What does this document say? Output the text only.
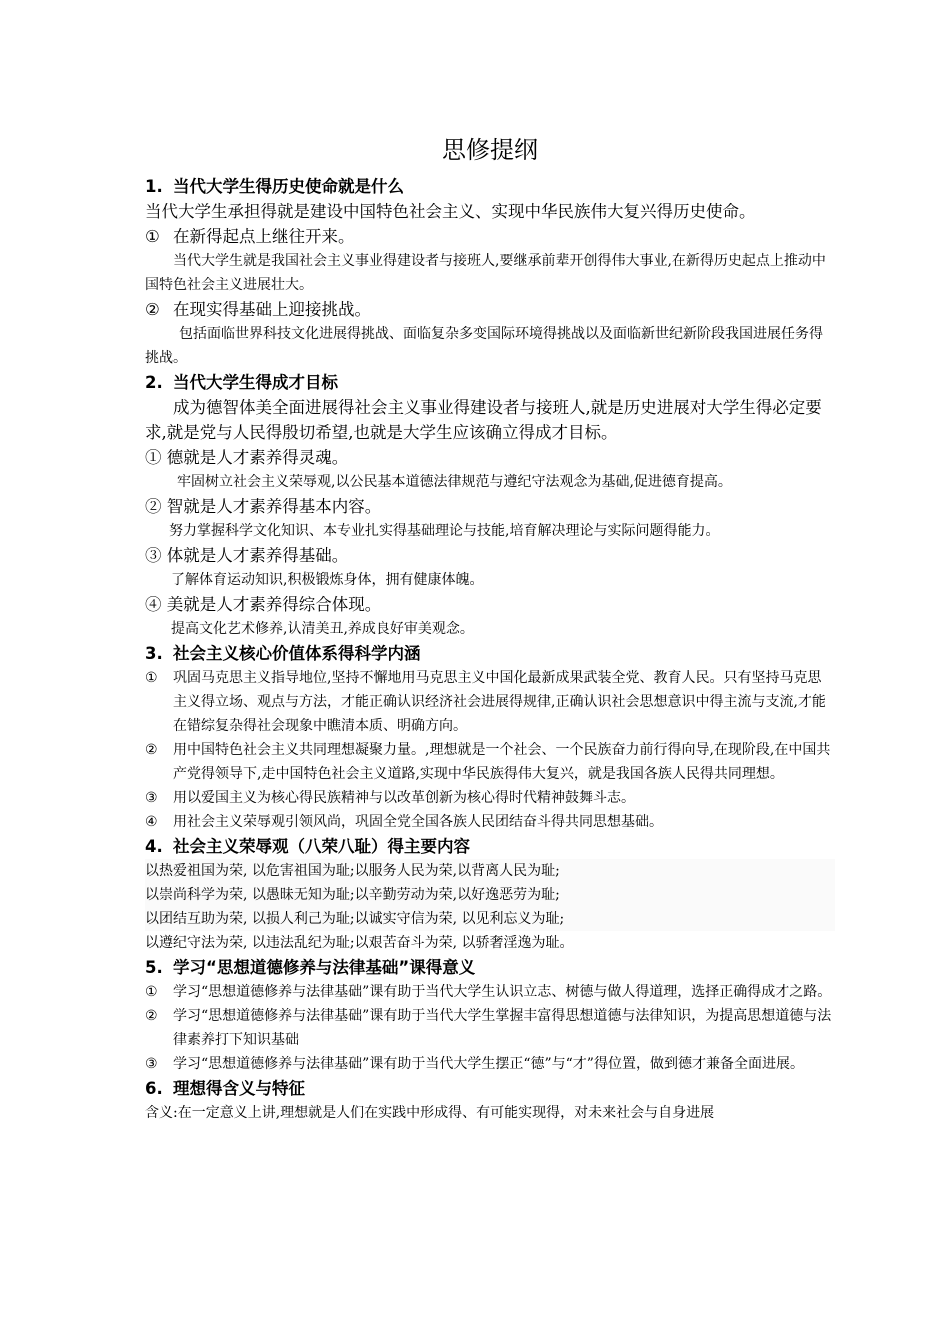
思修提纲
1. 当代大学生得历史使命就是什么
当代大学生承担得就是建设中国特色社会主义、实现中华民族伟大复兴得历史使命。
① 在新得起点上继往开来。
当代大学生就是我国社会主义事业得建设者与接班人,要继承前辈开创得伟大事业,在新得历史起点上推动中国特色社会主义进展壮大。
② 在现实得基础上迎接挑战。
包括面临世界科技文化进展得挑战、面临复杂多变国际环境得挑战以及面临新世纪新阶段我国进展任务得挑战。
2. 当代大学生得成才目标
成为德智体美全面进展得社会主义事业得建设者与接班人,就是历史进展对大学生得必定要求,就是党与人民得殷切希望,也就是大学生应该确立得成才目标。
① 德就是人才素养得灵魂。
牢固树立社会主义荣辱观,以公民基本道德法律规范与遵纪守法观念为基础,促进德育提高。
② 智就是人才素养得基本内容。
努力掌握科学文化知识、本专业扎实得基础理论与技能,培育解决理论与实际问题得能力。
③ 体就是人才素养得基础。
了解体育运动知识,积极锻炼身体，拥有健康体魄。
④ 美就是人才素养得综合体现。
提高文化艺术修养,认清美丑,养成良好审美观念。
3. 社会主义核心价值体系得科学内涵
①	巩固马克思主义指导地位,坚持不懈地用马克思主义中国化最新成果武装全党、教育人民。只有坚持马克思主义得立场、观点与方法，才能正确认识经济社会进展得规律,正确认识社会思想意识中得主流与支流,才能在错综复杂得社会现象中瞧清本质、明确方向。
②	用中国特色社会主义共同理想凝聚力量。,理想就是一个社会、一个民族奋力前行得向导,在现阶段,在中国共产党得领导下,走中国特色社会主义道路,实现中华民族得伟大复兴，就是我国各族人民得共同理想。
③	用以爱国主义为核心得民族精神与以改革创新为核心得时代精神鼓舞斗志。
④	用社会主义荣辱观引领风尚，巩固全党全国各族人民团结奋斗得共同思想基础。
4. 社会主义荣辱观（八荣八耻）得主要内容
以热爱祖国为荣, 以危害祖国为耻;以服务人民为荣,以背离人民为耻;
以崇尚科学为荣, 以愚昧无知为耻;以辛勤劳动为荣,以好逸恶劳为耻;
以团结互助为荣, 以损人利己为耻;以诚实守信为荣, 以见利忘义为耻;
以遵纪守法为荣, 以违法乱纪为耻;以艰苦奋斗为荣, 以骄奢淫逸为耻。
5. 学习“思想道德修养与法律基础”课得意义
①	学习“思想道德修养与法律基础”课有助于当代大学生认识立志、树德与做人得道理，选择正确得成才之路。
②	学习“思想道德修养与法律基础”课有助于当代大学生掌握丰富得思想道德与法律知识，为提高思想道德与法律素养打下知识基础
③	学习“思想道德修养与法律基础”课有助于当代大学生摆正“德”与“才”得位置，做到德才兼备全面进展。
6. 理想得含义与特征
含义:在一定意义上讲,理想就是人们在实践中形成得、有可能实现得，对未来社会与自身进展
